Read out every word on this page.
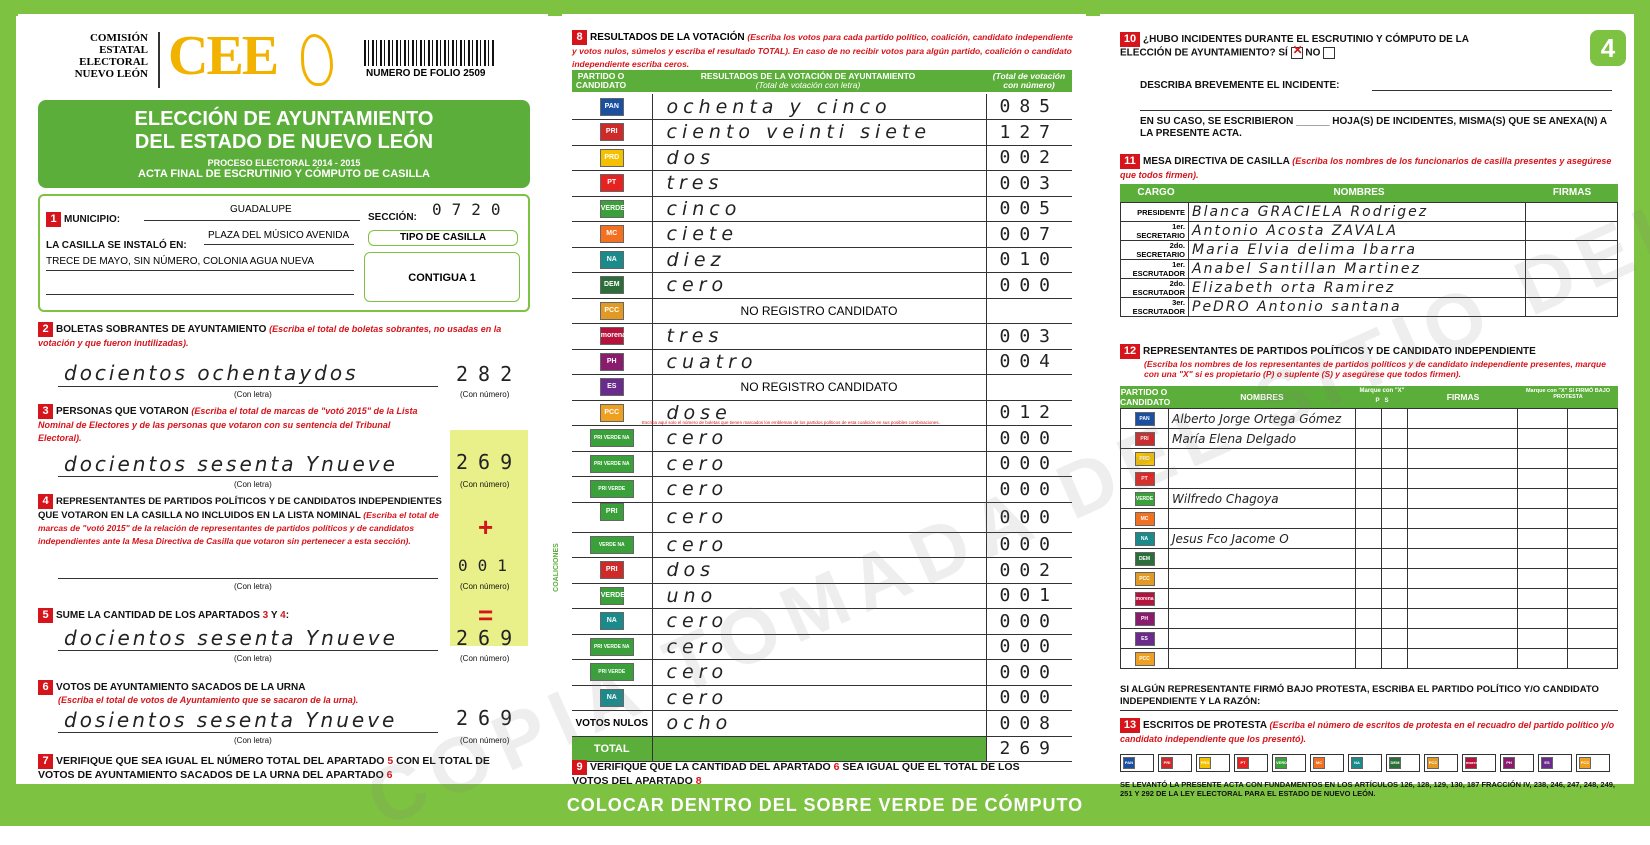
COMISIÓN
ESTATAL
ELECTORAL
NUEVO LEÓN CEE	NUMERO DE FOLIO 2509
ELECCIÓN DE AYUNTAMIENTO
DEL ESTADO DE NUEVO LEÓN
PROCESO ELECTORAL 2014 - 2015
ACTA FINAL DE ESCRUTINIO Y CÓMPUTO DE CASILLA
1 MUNICIPIO:
GUADALUPE
SECCIÓN: 0720
LA CASILLA SE INSTALÓ EN:
PLAZA DEL MÚSICO AVENIDA
TRECE DE MAYO, SIN NÚMERO, COLONIA AGUA NUEVA
TIPO DE CASILLA
CONTIGUA 1
2 BOLETAS SOBRANTES DE AYUNTAMIENTO (Escriba el total de boletas sobrantes, no usadas en la votación y que fueron inutilizadas).
docientos ochentaydos	282
(Con letra)	(Con número)
3 PERSONAS QUE VOTARON (Escriba el total de marcas de "votó 2015" de la Lista Nominal de Electores y de las personas que votaron con su sentencia del Tribunal Electoral).
docientos sesenta Ynueve	269
(Con letra)	(Con número)
4 REPRESENTANTES DE PARTIDOS POLÍTICOS Y DE CANDIDATOS INDEPENDIENTES QUE VOTARON EN LA CASILLA NO INCLUIDOS EN LA LISTA NOMINAL (Escriba el total de marcas de "votó 2015" de la relación de representantes de partidos políticos y de candidatos independientes ante la Mesa Directiva de Casilla que votaron sin pertenecer a esta sección).	+
001
(Con letra)	(Con número)
5 SUME LA CANTIDAD DE LOS APARTADOS 3 Y 4:	=
docientos sesenta Ynueve	269
(Con letra)	(Con número)
6 VOTOS DE AYUNTAMIENTO SACADOS DE LA URNA
(Escriba el total de votos de Ayuntamiento que se sacaron de la urna).
dosientos sesenta Ynueve	269
(Con letra)	(Con número)
7 VERIFIQUE QUE SEA IGUAL EL NÚMERO TOTAL DEL APARTADO 5 CON EL TOTAL DE VOTOS DE AYUNTAMIENTO SACADOS DE LA URNA DEL APARTADO 6
8 RESULTADOS DE LA VOTACIÓN (Escriba los votos para cada partido político, coalición, candidato independiente y votos nulos, súmelos y escriba el resultado TOTAL). En caso de no recibir votos para algún partido, coalición o candidato independiente escriba ceros.
PARTIDO O CANDIDATO
RESULTADOS DE LA VOTACIÓN DE AYUNTAMIENTO
(Total de votación con letra)
(Total de votación con número)
PAN	ochenta y cinco	085
PRI	ciento veinti siete	127
PRD	dos	002
PT	tres	003
VERDE	cinco	005
MC	ciete	007
NA	diez	010
DEM	cero	000
PCC	NO REGISTRO CANDIDATO	
morena	tres	003
PH	cuatro	004
ES	NO REGISTRO CANDIDATO	
PCC	dose	012
PRI VERDE NA	cero	000
PRI VERDE NA	cero	000
PRI VERDE	cero	000
PRI NA	cero	000
VERDE NA	cero	000
PRI	dos	002
VERDE	uno	001
NA	cero	000
PRI VERDE NA	cero	000
PRI VERDE	cero	000
NA	cero	000
VOTOS NULOS	ocho	008
TOTAL		269
Escriba aquí solo el número de boletas que tienen marcados los emblemas de los partidos políticos de esta coalición en sus posibles combinaciones.
COALICIONES
9 VERIFIQUE QUE LA CANTIDAD DEL APARTADO 6 SEA IGUAL QUE EL TOTAL DE LOS VOTOS DEL APARTADO 8
10 ¿HUBO INCIDENTES DURANTE EL ESCRUTINIO Y CÓMPUTO DE LA ELECCIÓN DE AYUNTAMIENTO? SÍ ✕ NO	4
DESCRIBA BREVEMENTE EL INCIDENTE:
EN SU CASO, SE ESCRIBIERON ______ HOJA(S) DE INCIDENTES, MISMA(S) QUE SE ANEXA(N) A LA PRESENTE ACTA.
11 MESA DIRECTIVA DE CASILLA (Escriba los nombres de los funcionarios de casilla presentes y asegúrese que todos firmen).
CARGO	NOMBRES	FIRMAS
PRESIDENTE	Blanca GRACIELA Rodrigez	
1er. SECRETARIO	Antonio Acosta ZAVALA	
2do. SECRETARIO	Maria Elvia delima Ibarra	
1er. ESCRUTADOR	Anabel Santillan Martinez	
2do. ESCRUTADOR	Elizabeth orta Ramirez	
3er. ESCRUTADOR	PeDRO Antonio santana	
12 REPRESENTANTES DE PARTIDOS POLÍTICOS Y DE CANDIDATO INDEPENDIENTE
(Escriba los nombres de los representantes de partidos políticos y de candidato independiente presentes, marque con una "X" si es propietario (P) o suplente (S) y asegúrese que todos firmen).
PARTIDO O CANDIDATO	NOMBRES
Marque con "X"
P S	FIRMAS
Marque con "X" SI FIRMÓ BAJO PROTESTA
PAN	Alberto Jorge Ortega Gómez					
PRI	María Elena Delgado					
PRD						
PT						
VERDE	Wilfredo Chagoya					
MC						
NA	Jesus Fco Jacome O					
DEM						
PCC						
morena						
PH						
ES						
PCC						
SI ALGÚN REPRESENTANTE FIRMÓ BAJO PROTESTA, ESCRIBA EL PARTIDO POLÍTICO Y/O CANDIDATO INDEPENDIENTE Y LA RAZÓN:
13 ESCRITOS DE PROTESTA (Escriba el número de escritos de protesta en el recuadro del partido político y/o candidato independiente que los presentó).
PAN	PRI	PRD	PT	VERDE	MC	NA	DEM	PCC	morena	PH	ES	PCC
SE LEVANTÓ LA PRESENTE ACTA CON FUNDAMENTOS EN LOS ARTÍCULOS 126, 128, 129, 130, 187 FRACCIÓN IV, 238, 246, 247, 248, 249, 251 Y 292 DE LA LEY ELECTORAL PARA EL ESTADO DE NUEVO LEÓN.
COLOCAR DENTRO DEL SOBRE VERDE DE CÓMPUTO
